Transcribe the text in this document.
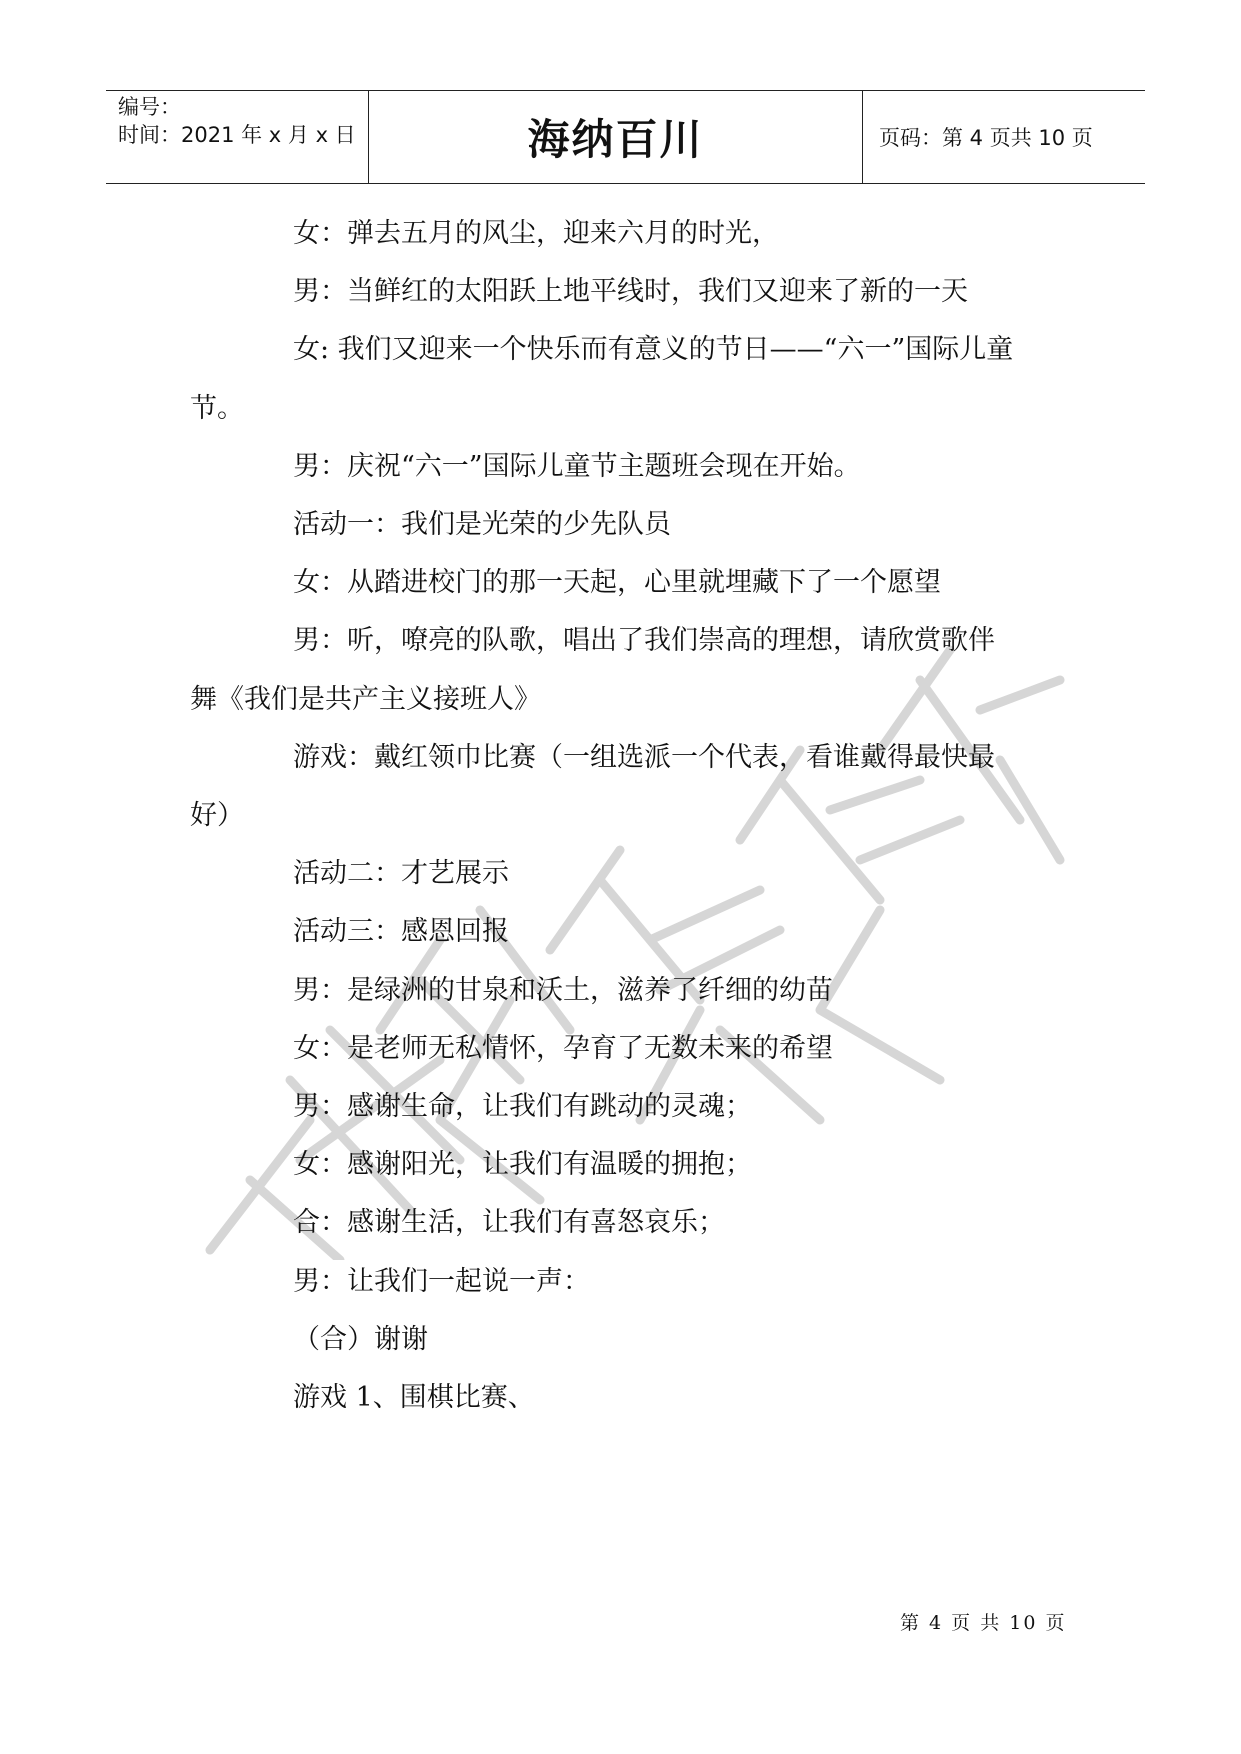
编号：
时间：2021 年 x 月 x 日	海纳百川	页码：第 4 页共 10 页
严禁复制

女：弹去五月的风尘，迎来六月的时光，

男：当鲜红的太阳跃上地平线时，我们又迎来了新的一天

女: 我们又迎来一个快乐而有意义的节日——“六一”国际儿童

节。

男：庆祝“六一”国际儿童节主题班会现在开始。

活动一：我们是光荣的少先队员

女：从踏进校门的那一天起，心里就埋藏下了一个愿望

男：听，嘹亮的队歌，唱出了我们崇高的理想，请欣赏歌伴

舞《我们是共产主义接班人》

游戏：戴红领巾比赛（一组选派一个代表，看谁戴得最快最

好）

活动二：才艺展示

活动三：感恩回报

男：是绿洲的甘泉和沃土，滋养了纤细的幼苗

女：是老师无私情怀，孕育了无数未来的希望

男：感谢生命，让我们有跳动的灵魂；

女：感谢阳光，让我们有温暖的拥抱；

合：感谢生活，让我们有喜怒哀乐；

男：让我们一起说一声：

（合）谢谢

游戏 1、围棋比赛、

第 4 页 共 10 页
